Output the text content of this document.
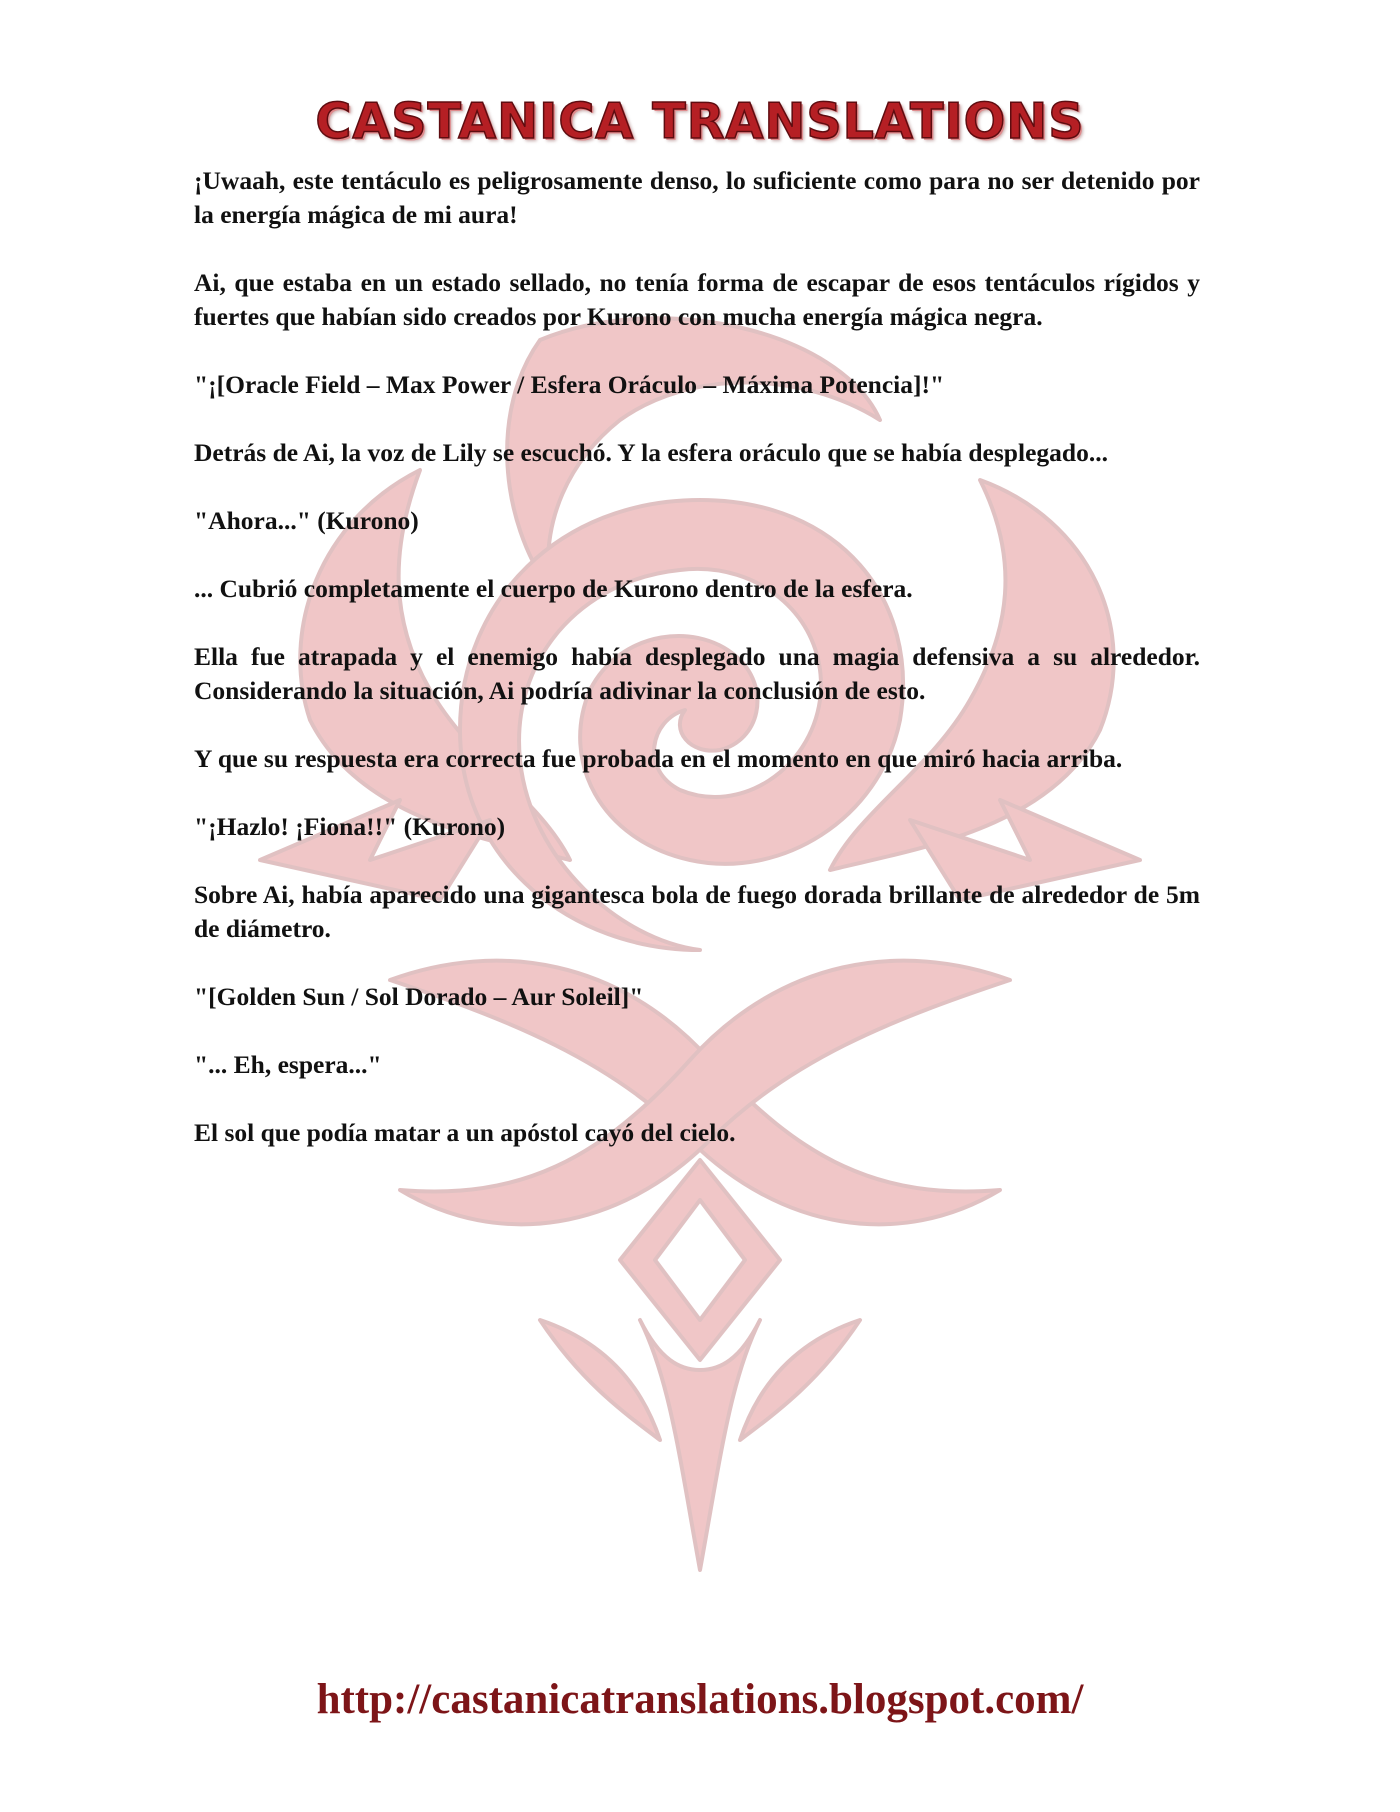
CASTANICA TRANSLATIONS

¡Uwaah, este tentáculo es peligrosamente denso, lo suficiente como para no ser detenido por la energía mágica de mi aura!

Ai, que estaba en un estado sellado, no tenía forma de escapar de esos tentáculos rígidos y fuertes que habían sido creados por Kurono con mucha energía mágica negra.

"¡[Oracle Field – Max Power / Esfera Oráculo – Máxima Potencia]!"

Detrás de Ai, la voz de Lily se escuchó. Y la esfera oráculo que se había desplegado...

"Ahora..." (Kurono)

... Cubrió completamente el cuerpo de Kurono dentro de la esfera.

Ella fue atrapada y el enemigo había desplegado una magia defensiva a su alrededor. Considerando la situación, Ai podría adivinar la conclusión de esto.

Y que su respuesta era correcta fue probada en el momento en que miró hacia arriba.

"¡Hazlo! ¡Fiona!!" (Kurono)

Sobre Ai, había aparecido una gigantesca bola de fuego dorada brillante de alrededor de 5m de diámetro.

"[Golden Sun / Sol Dorado – Aur Soleil]"

"... Eh, espera..."

El sol que podía matar a un apóstol cayó del cielo.

http://castanicatranslations.blogspot.com/
